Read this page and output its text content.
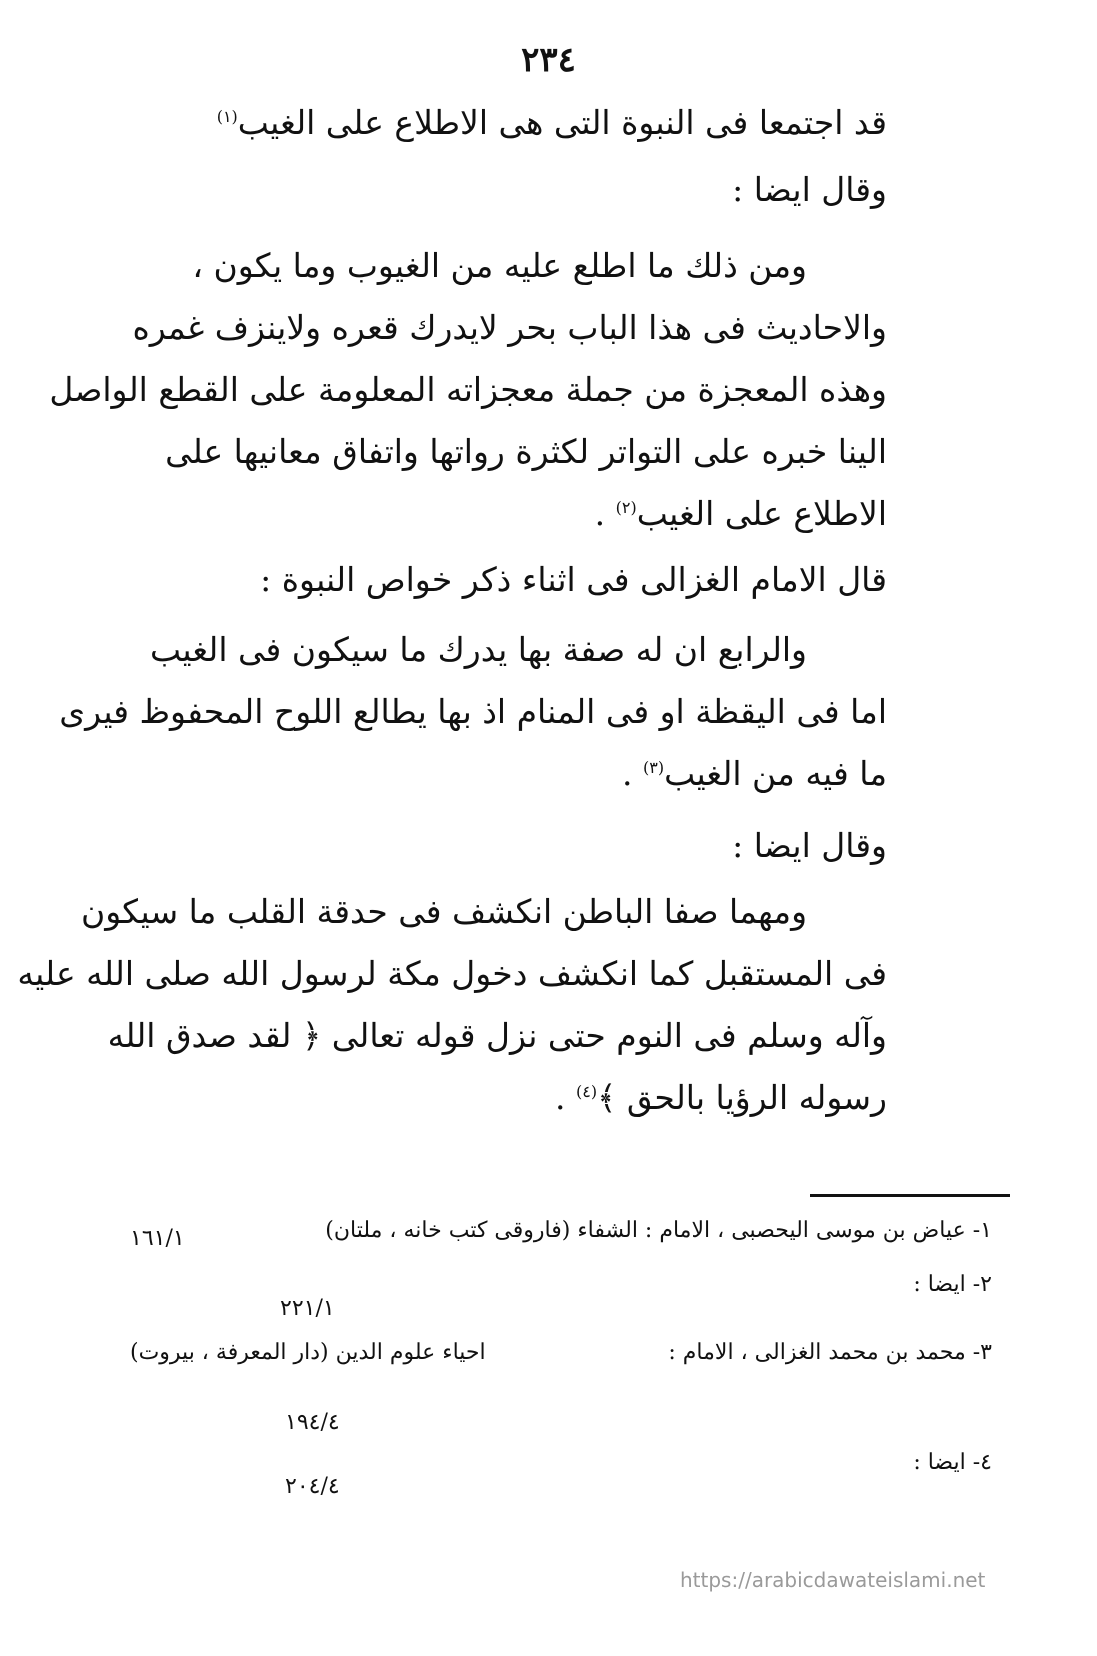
٢٣٤
قد اجتمعا فى النبوة التى هى الاطلاع على الغيب$^{(١)}$
وقال ايضا :
ومن ذلك ما اطلع عليه من الغيوب وما يكون ،
والاحاديث فى هذا الباب بحر لايدرك قعره ولاينزف غمره
وهذه المعجزة من جملة معجزاته المعلومة على القطع الواصل
الينا خبره على التواتر لكثرة رواتها واتفاق معانيها على
الاطلاع على الغيب$^{(٢)}$ .
قال الامام الغزالى فى اثناء ذكر خواص النبوة :
والرابع ان له صفة بها يدرك ما سيكون فى الغيب
اما فى اليقظة او فى المنام اذ بها يطالع اللوح المحفوظ فيرى
ما فيه من الغيب$^{(٣)}$ .
وقال ايضا :
ومهما صفا الباطن انكشف فى حدقة القلب ما سيكون
فى المستقبل كما انكشف دخول مكة لرسول الله صلى الله عليه
وآله وسلم فى النوم حتى نزل قوله تعالى ﴿ لقد صدق الله
رسوله الرؤيا بالحق ﴾$^{(٤)}$ .
١- عياض بن موسى اليحصبى ، الامام : الشفاء (فاروقى كتب خانه ، ملتان)
١٦١/١
٢- ايضا :
٢٢١/١
٣- محمد بن محمد الغزالى ، الامام :
احياء علوم الدين (دار المعرفة ، بيروت)
١٩٤/٤
٤- ايضا :
٢٠٤/٤
https://arabicdawateislami.net
